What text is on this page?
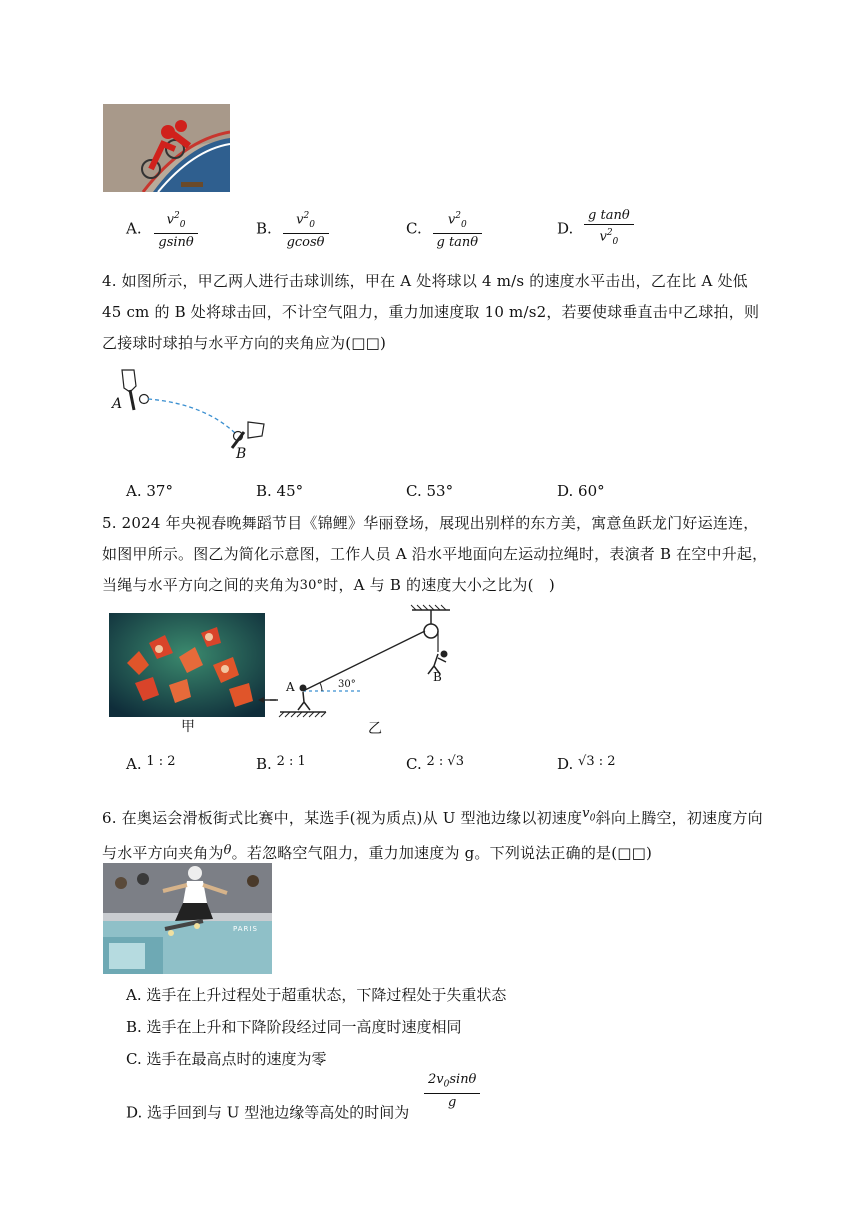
A. $\frac{v^2_0}{gsin\theta}$	B. $\frac{v^2_0}{gcos\theta}$	C. $\frac{v^2_0}{\text{g tanθ}}$	D. $\frac{\text{g tanθ}}{v^2_0}$
4. 如图所示，甲乙两人进行击球训练，甲在 A 处将球以 4 m/s 的速度水平击出，乙在比 A 处低 45 cm 的 B 处将球击回，不计空气阻力，重力加速度取 10 m/s2，若要使球垂直击中乙球拍，则乙接球时球拍与水平方向的夹角应为(□□)
A
B
A. 37°	B. 45°	C. 53°	D. 60°
5. 2024 年央视春晚舞蹈节目《锦鲤》华丽登场，展现出别样的东方美，寓意鱼跃龙门好运连连，如图甲所示。图乙为简化示意图，工作人员 A 沿水平地面向左运动拉绳时，表演者 B 在空中升起，当绳与水平方向之间的夹角为30°时，A 与 B 的速度大小之比为(　)
甲
30°
A
B
乙
A. 1 : 2	B. 2 : 1	C. 2 : √3	D. √3 : 2
6. 在奥运会滑板街式比赛中，某选手(视为质点)从 U 型池边缘以初速度$v_0$斜向上腾空，初速度方向与水平方向夹角为θ。若忽略空气阻力，重力加速度为 g。下列说法正确的是(□□)
PARIS
A. 选手在上升过程处于超重状态，下降过程处于失重状态
B. 选手在上升和下降阶段经过同一高度时速度相同
C. 选手在最高点时的速度为零
D. 选手回到与 U 型池边缘等高处的时间为
$\frac{2v_0\sin\theta}{g}$
